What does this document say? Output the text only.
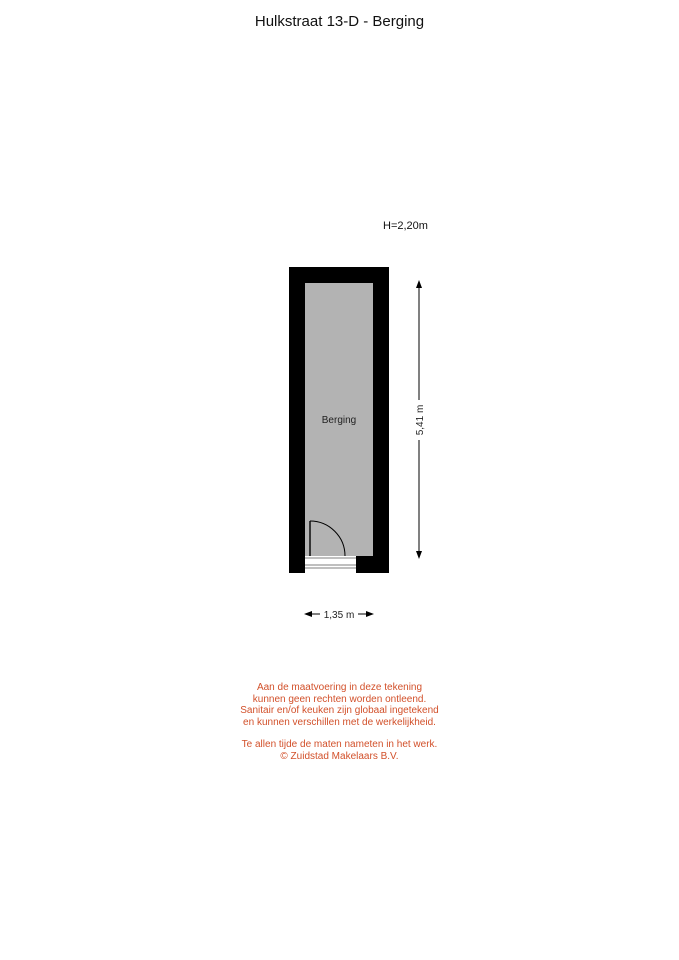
Hulkstraat 13-D - Berging
H=2,20m
Berging	5,41 m
1,35 m
Aan de maatvoering in deze tekening
kunnen geen rechten worden ontleend.
Sanitair en/of keuken zijn globaal ingetekend
en kunnen verschillen met de werkelijkheid.
Te allen tijde de maten nameten in het werk.
© Zuidstad Makelaars B.V.
